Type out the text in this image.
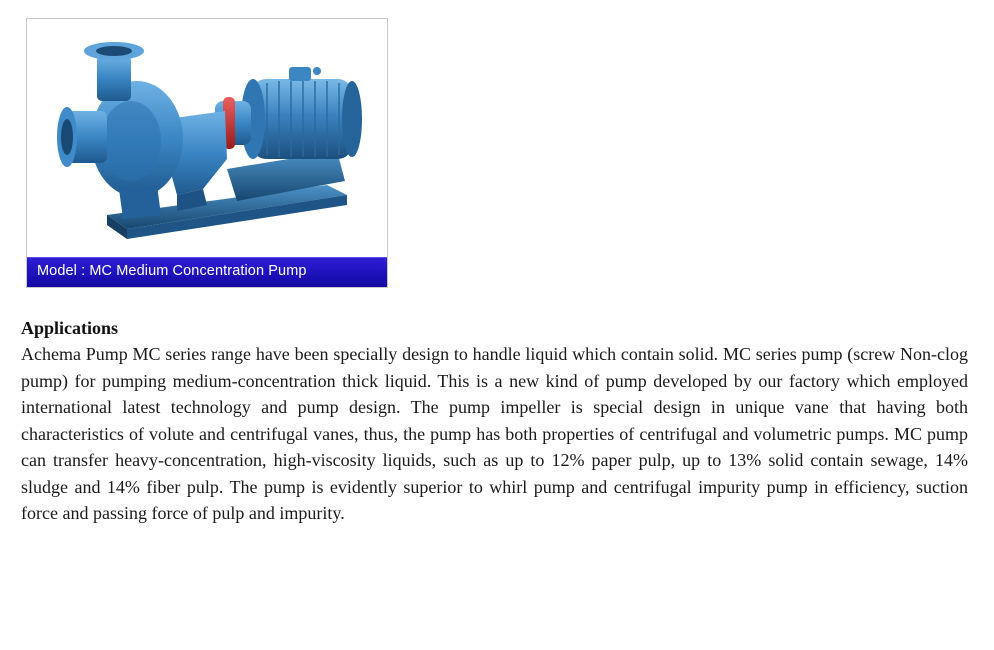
Model : MC Medium Concentration Pump
Applications

Achema Pump MC series range have been specially design to handle liquid which contain solid. MC series pump (screw Non-clog pump) for pumping medium-concentration thick liquid. This is a new kind of pump developed by our factory which employed international latest technology and pump design. The pump impeller is special design in unique vane that having both characteristics of volute and centrifugal vanes, thus, the pump has both properties of centrifugal and volumetric pumps. MC pump can transfer heavy-concentration, high-viscosity liquids, such as up to 12% paper pulp, up to 13% solid contain sewage, 14% sludge and 14% fiber pulp. The pump is evidently superior to whirl pump and centrifugal impurity pump in efficiency, suction force and passing force of pulp and impurity.
